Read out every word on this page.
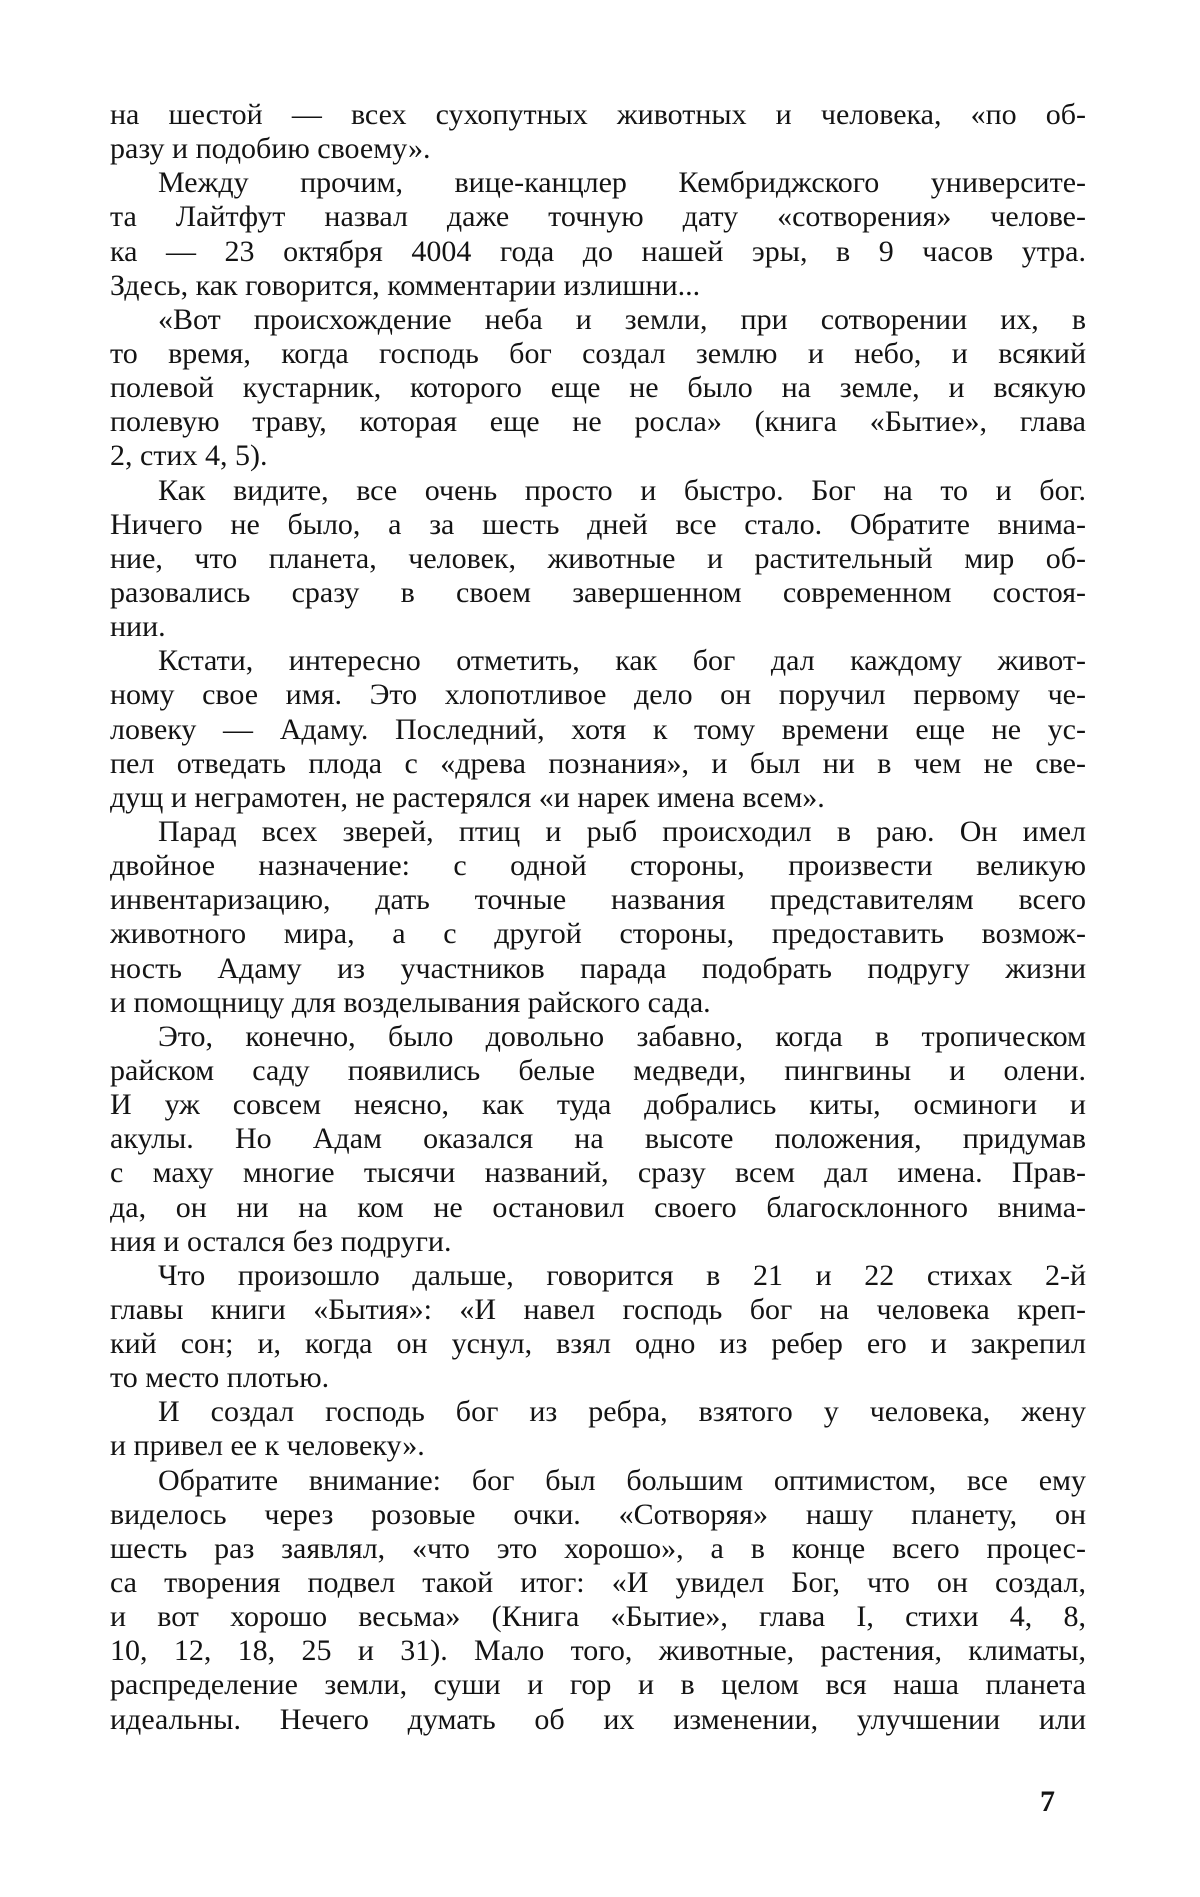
на шестой — всех сухопутных животных и человека, «по об-
разу и подобию своему».
Между прочим, вице-канцлер Кембриджского университе-
та Лайтфут назвал даже точную дату «сотворения» челове-
ка — 23 октября 4004 года до нашей эры, в 9 часов утра.
Здесь, как говорится, комментарии излишни...
«Вот происхождение неба и земли, при сотворении их, в
то время, когда господь бог создал землю и небо, и всякий
полевой кустарник, которого еще не было на земле, и всякую
полевую траву, которая еще не росла» (книга «Бытие», глава
2, стих 4, 5).
Как видите, все очень просто и быстро. Бог на то и бог.
Ничего не было, а за шесть дней все стало. Обратите внима-
ние, что планета, человек, животные и растительный мир об-
разовались сразу в своем завершенном современном состоя-
нии.
Кстати, интересно отметить, как бог дал каждому живот-
ному свое имя. Это хлопотливое дело он поручил первому че-
ловеку — Адаму. Последний, хотя к тому времени еще не ус-
пел отведать плода с «древа познания», и был ни в чем не све-
дущ и неграмотен, не растерялся «и нарек имена всем».
Парад всех зверей, птиц и рыб происходил в раю. Он имел
двойное назначение: с одной стороны, произвести великую
инвентаризацию, дать точные названия представителям всего
животного мира, а с другой стороны, предоставить возмож-
ность Адаму из участников парада подобрать подругу жизни
и помощницу для возделывания райского сада.
Это, конечно, было довольно забавно, когда в тропическом
райском саду появились белые медведи, пингвины и олени.
И уж совсем неясно, как туда добрались киты, осминоги и
акулы. Но Адам оказался на высоте положения, придумав
с маху многие тысячи названий, сразу всем дал имена. Прав-
да, он ни на ком не остановил своего благосклонного внима-
ния и остался без подруги.
Что произошло дальше, говорится в 21 и 22 стихах 2-й
главы книги «Бытия»: «И навел господь бог на человека креп-
кий сон; и, когда он уснул, взял одно из ребер его и закрепил
то место плотью.
И создал господь бог из ребра, взятого у человека, жену
и привел ее к человеку».
Обратите внимание: бог был большим оптимистом, все ему
виделось через розовые очки. «Сотворяя» нашу планету, он
шесть раз заявлял, «что это хорошо», а в конце всего процес-
са творения подвел такой итог: «И увидел Бог, что он создал,
и вот хорошо весьма» (Книга «Бытие», глава I, стихи 4, 8,
10, 12, 18, 25 и 31). Мало того, животные, растения, климаты,
распределение земли, суши и гор и в целом вся наша планета
идеальны. Нечего думать об их изменении, улучшении или
7
